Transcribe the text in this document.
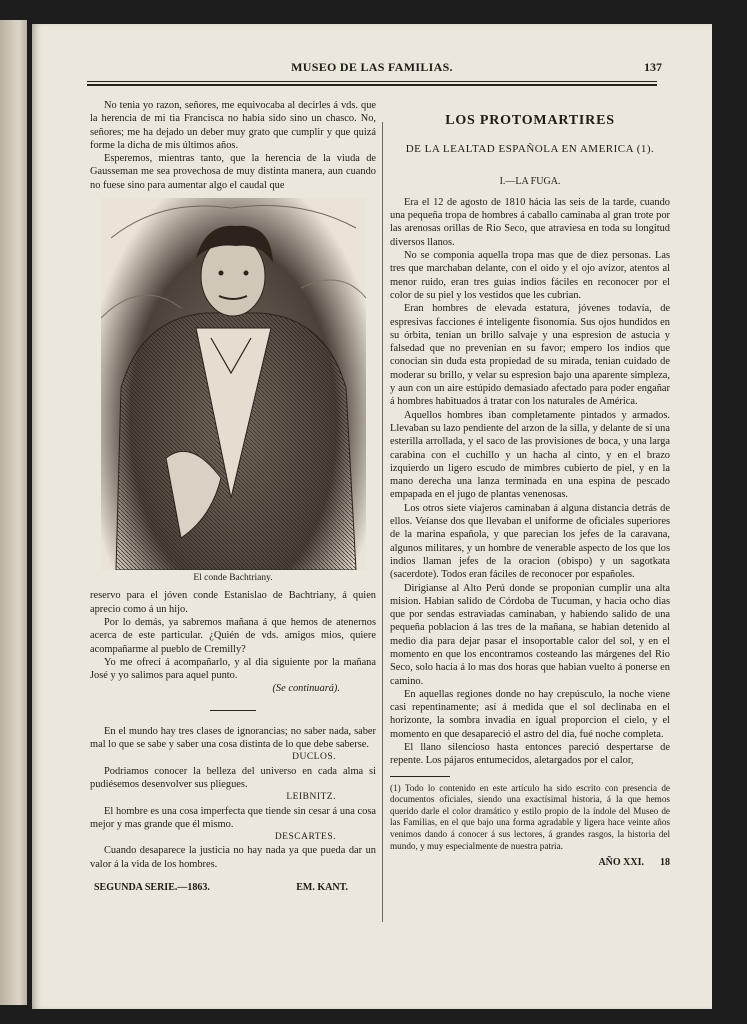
MUSEO DE LAS FAMILIAS.	137

No tenia yo razon, señores, me equivocaba al decirles á vds. que la herencia de mi tia Francisca no habia sido sino un chasco. No, señores; me ha dejado un deber muy grato que cumplir y que quizá forme la dicha de mis últimos años.

Esperemos, mientras tanto, que la herencia de la viuda de Gausseman me sea provechosa de muy distinta manera, aun cuando no fuese sino para aumentar algo el caudal que

El conde Bachtriany.

reservo para el jóven conde Estanislao de Bachtriany, á quien aprecio como á un hijo.

Por lo demás, ya sabremos mañana á que hemos de atenernos acerca de este particular. ¿Quién de vds. amigos mios, quiere acompañarme al pueblo de Cremilly?

Yo me ofrecí á acompañarlo, y al dia siguiente por la mañana José y yo salimos para aquel punto.

(Se continuará).

En el mundo hay tres clases de ignorancias; no saber nada, saber mal lo que se sabe y saber una cosa distinta de lo que debe saberse.

DUCLOS.

Podriamos conocer la belleza del universo en cada alma si pudiésemos desenvolver sus pliegues.

LEIBNITZ.

El hombre es una cosa imperfecta que tiende sin cesar á una cosa mejor y mas grande que él mismo.

DESCARTES.

Cuando desaparece la justicia no hay nada ya que pueda dar un valor á la vida de los hombres.

SEGUNDA SERIE.—1863.	EM. KANT.
LOS PROTOMARTIRES
DE LA LEALTAD ESPAÑOLA EN AMERICA (1).
I.—LA FUGA.

Era el 12 de agosto de 1810 hácia las seis de la tarde, cuando una pequeña tropa de hombres á caballo caminaba al gran trote por las arenosas orillas de Rio Seco, que atraviesa en toda su longitud diversos llanos.

No se componia aquella tropa mas que de diez personas. Las tres que marchaban delante, con el oido y el ojo avizor, atentos al menor ruido, eran tres guias indios fáciles en reconocer por el color de su piel y los vestidos que les cubrian.

Eran hombres de elevada estatura, jóvenes todavía, de espresivas facciones é inteligente fisonomía. Sus ojos hundidos en su órbita, tenian un brillo salvaje y una espresion de astucia y falsedad que no prevenian en su favor; empero los indios que conocian sin duda esta propiedad de su mirada, tenian cuidado de moderar su brillo, y velar su espresion bajo una aparente simpleza, y aun con un aire estúpido demasiado afectado para poder engañar á hombres habituados á tratar con los naturales de América.

Aquellos hombres iban completamente pintados y armados. Llevaban su lazo pendiente del arzon de la silla, y delante de sí una esterilla arrollada, y el saco de las provisiones de boca, y una larga carabina con el cuchillo y un hacha al cinto, y en el brazo izquierdo un ligero escudo de mimbres cubierto de piel, y en la mano derecha una lanza terminada en una espina de pescado empapada en el jugo de plantas venenosas.

Los otros siete viajeros caminaban á alguna distancia detrás de ellos. Veíanse dos que llevaban el uniforme de oficiales superiores de la marina española, y que parecian los jefes de la caravana, algunos militares, y un hombre de venerable aspecto de los que los indios llaman jefes de la oracion (obispo) y un sagotkata (sacerdote). Todos eran fáciles de reconocer por españoles.

Dirigianse al Alto Perú donde se proponian cumplir una alta mision. Habian salido de Córdoba de Tucuman, y hacia ocho dias que por sendas estraviadas caminaban, y habiendo salido de una pequeña poblacion á las tres de la mañana, se habian detenido al medio dia para dejar pasar el insoportable calor del sol, y en el momento en que los encontramos costeando las márgenes del Rio Seco, solo hacia á lo mas dos horas que habian vuelto á ponerse en camino.

En aquellas regiones donde no hay crepúsculo, la noche viene casi repentinamente; así á medida que el sol declinaba en el horizonte, la sombra invadia en igual proporcion el cielo, y el momento en que desapareció el astro del dia, fué noche completa.

El llano silencioso hasta entonces pareció despertarse de repente. Los pájaros entumecidos, aletargados por el calor,

(1) Todo lo contenido en este artículo ha sido escrito con presencia de documentos oficiales, siendo una exactísimal historia, á la que hemos querido darle el color dramático y estilo propio de la índole del Museo de las Familias, en el que bajo una forma agradable y ligera hace veinte años venimos dando á conocer á sus lectores, á grandes rasgos, la historia del mundo, y muy especialmente de nuestra patria.

AÑO XXI. 18
